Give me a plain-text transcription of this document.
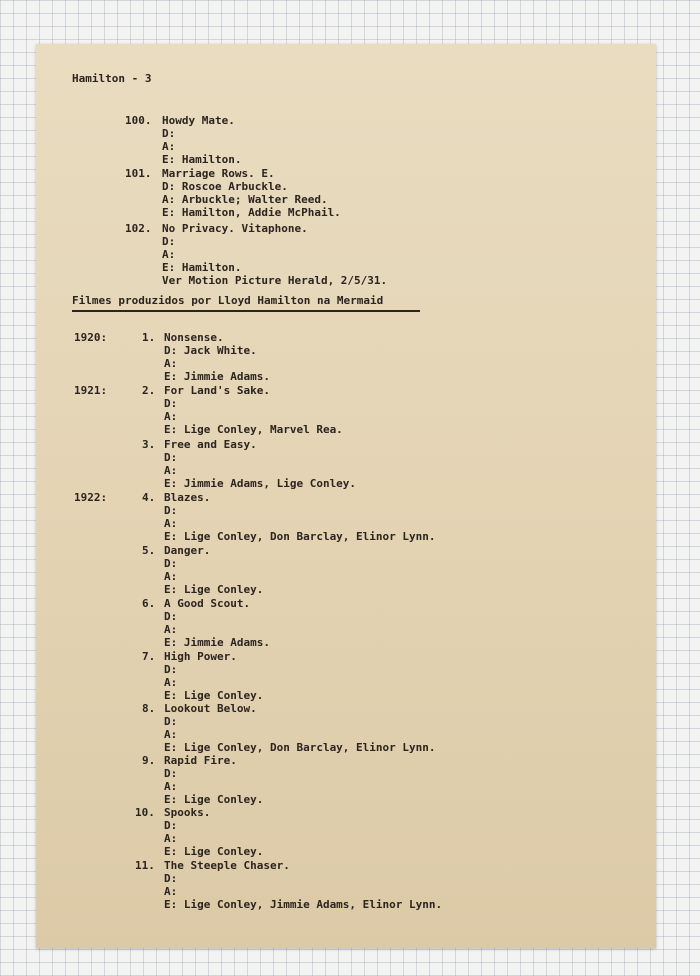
Hamilton - 3
100. Howdy Mate.
D:
A:
E: Hamilton.
101. Marriage Rows. E.
D: Roscoe Arbuckle.
A: Arbuckle; Walter Reed.
E: Hamilton, Addie McPhail.
102. No Privacy. Vitaphone.
D:
A:
E: Hamilton.
Ver Motion Picture Herald, 2/5/31.
Filmes produzidos por Lloyd Hamilton na Mermaid
1920:
1921:
1922:
1. Nonsense.
D: Jack White.
A:
E: Jimmie Adams.
2. For Land's Sake.
D:
A:
E: Lige Conley, Marvel Rea.
3. Free and Easy.
D:
A:
E: Jimmie Adams, Lige Conley.
4. Blazes.
D:
A:
E: Lige Conley, Don Barclay, Elinor Lynn.
5. Danger.
D:
A:
E: Lige Conley.
6. A Good Scout.
D:
A:
E: Jimmie Adams.
7. High Power.
D:
A:
E: Lige Conley.
8. Lookout Below.
D:
A:
E: Lige Conley, Don Barclay, Elinor Lynn.
9. Rapid Fire.
D:
A:
E: Lige Conley.
10. Spooks.
D:
A:
E: Lige Conley.
11. The Steeple Chaser.
D:
A:
E: Lige Conley, Jimmie Adams, Elinor Lynn.
